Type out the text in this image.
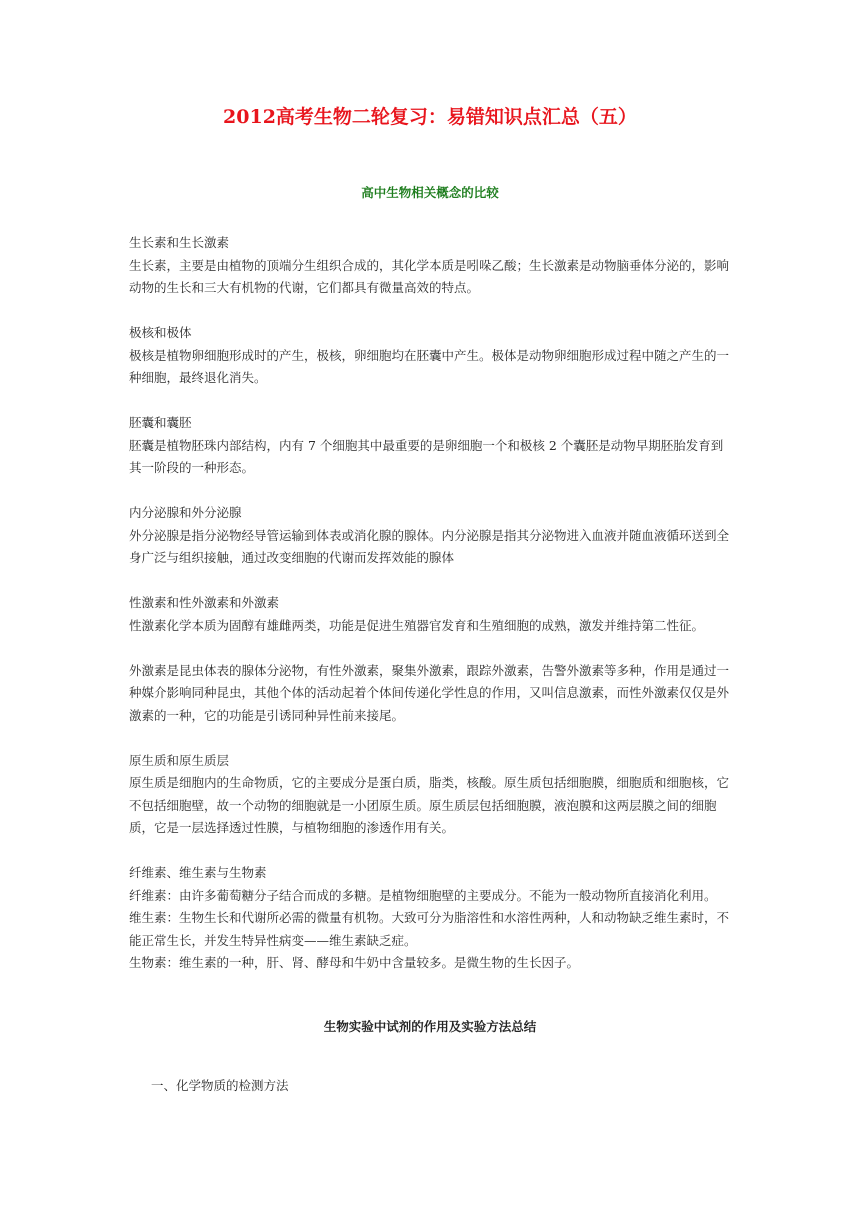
2012高考生物二轮复习：易错知识点汇总（五）
高中生物相关概念的比较

生长素和生长激素

生长素，主要是由植物的顶端分生组织合成的，其化学本质是吲哚乙酸；生长激素是动物脑垂体分泌的，影响动物的生长和三大有机物的代谢，它们都具有微量高效的特点。

极核和极体

极核是植物卵细胞形成时的产生，极核，卵细胞均在胚囊中产生。极体是动物卵细胞形成过程中随之产生的一种细胞，最终退化消失。

胚囊和囊胚

胚囊是植物胚珠内部结构，内有 7 个细胞其中最重要的是卵细胞一个和极核 2 个囊胚是动物早期胚胎发育到其一阶段的一种形态。

内分泌腺和外分泌腺

外分泌腺是指分泌物经导管运输到体表或消化腺的腺体。内分泌腺是指其分泌物进入血液并随血液循环送到全身广泛与组织接触，通过改变细胞的代谢而发挥效能的腺体

性激素和性外激素和外激素

性激素化学本质为固醇有雄雌两类，功能是促进生殖器官发育和生殖细胞的成熟，激发并维持第二性征。

外激素是昆虫体表的腺体分泌物，有性外激素，聚集外激素，跟踪外激素，告警外激素等多种，作用是通过一种媒介影响同种昆虫，其他个体的活动起着个体间传递化学性息的作用，又叫信息激素，而性外激素仅仅是外激素的一种，它的功能是引诱同种异性前来接尾。

原生质和原生质层

原生质是细胞内的生命物质，它的主要成分是蛋白质，脂类，核酸。原生质包括细胞膜，细胞质和细胞核，它不包括细胞壁，故一个动物的细胞就是一小团原生质。原生质层包括细胞膜，液泡膜和这两层膜之间的细胞质，它是一层选择透过性膜，与植物细胞的渗透作用有关。

纤维素、维生素与生物素

纤维素：由许多葡萄糖分子结合而成的多糖。是植物细胞壁的主要成分。不能为一般动物所直接消化利用。

维生素：生物生长和代谢所必需的微量有机物。大致可分为脂溶性和水溶性两种，人和动物缺乏维生素时，不能正常生长，并发生特异性病变——维生素缺乏症。

生物素：维生素的一种，肝、肾、酵母和牛奶中含量较多。是微生物的生长因子。

生物实验中试剂的作用及实验方法总结
一、化学物质的检测方法
